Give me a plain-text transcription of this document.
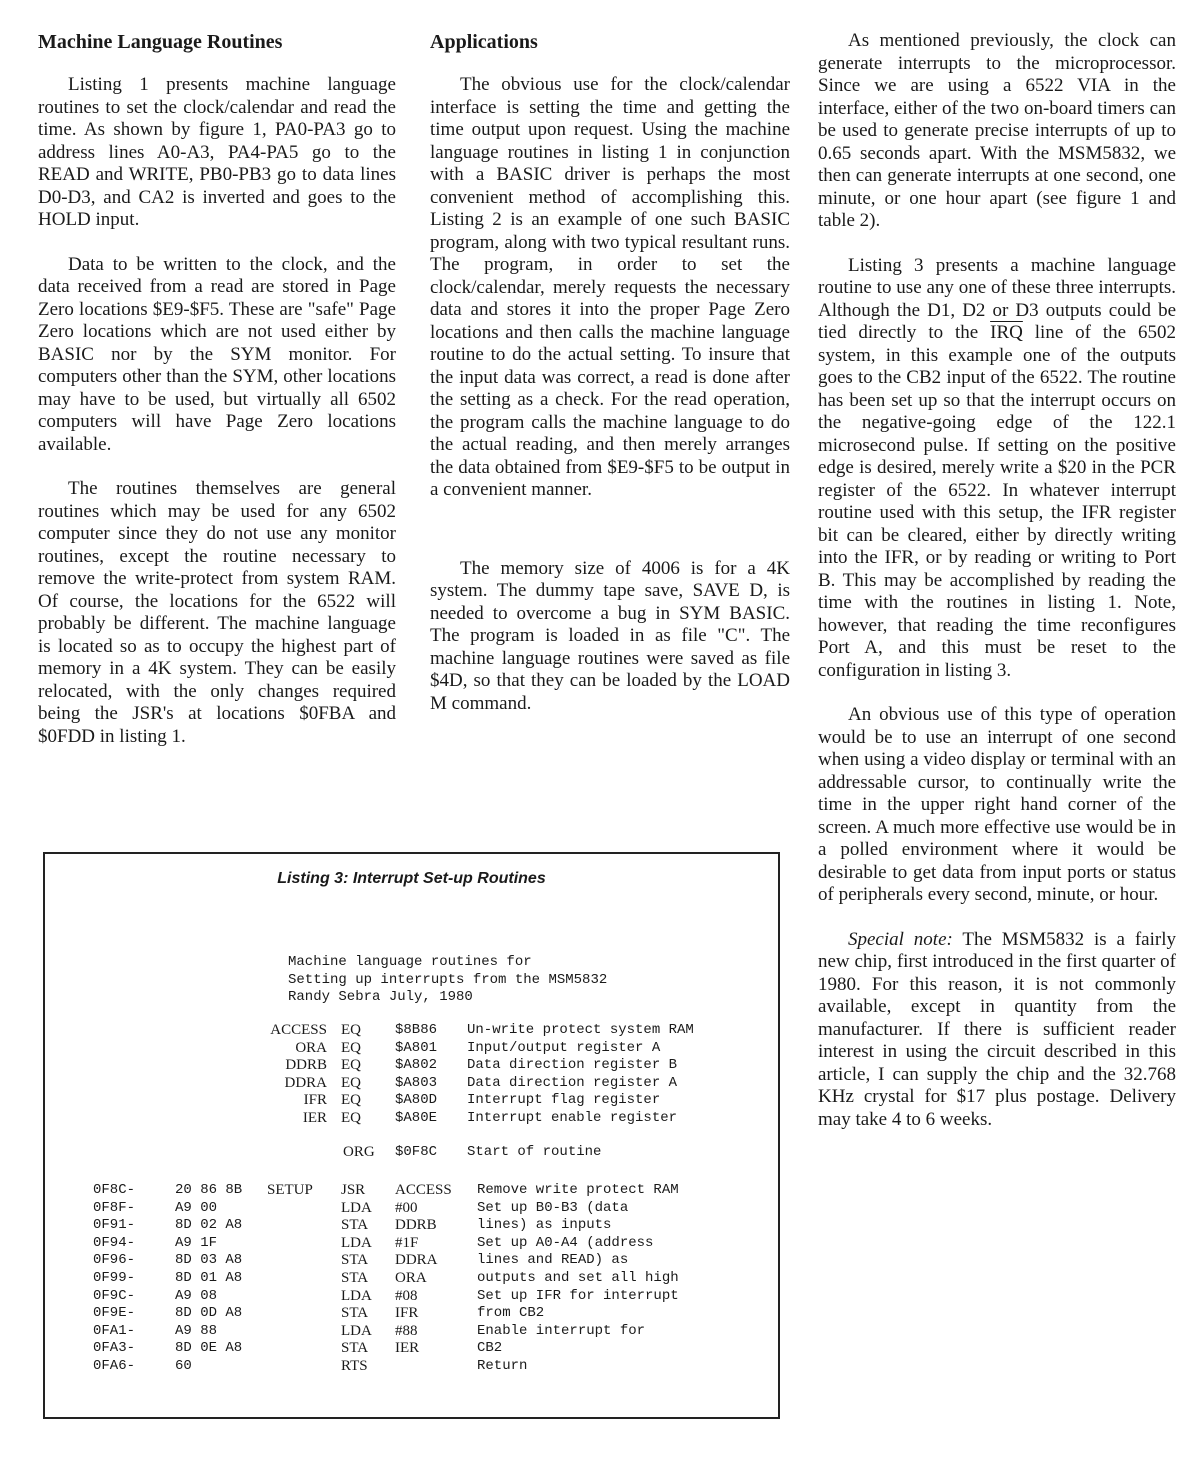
Machine Language Routines

Listing 1 presents machine language routines to set the clock/calendar and read the time. As shown by figure 1, PA0-PA3 go to address lines A0-A3, PA4-PA5 go to the READ and WRITE, PB0-PB3 go to data lines D0-D3, and CA2 is inverted and goes to the HOLD input.

Data to be written to the clock, and the data received from a read are stored in Page Zero locations $E9-$F5. These are "safe" Page Zero locations which are not used either by BASIC nor by the SYM monitor. For computers other than the SYM, other locations may have to be used, but virtually all 6502 computers will have Page Zero locations available.

The routines themselves are general routines which may be used for any 6502 computer since they do not use any monitor routines, except the routine necessary to remove the write-protect from system RAM. Of course, the locations for the 6522 will probably be different. The machine language is located so as to occupy the highest part of memory in a 4K system. They can be easily relocated, with the only changes required being the JSR's at locations $0FBA and $0FDD in listing 1.

Applications

The obvious use for the clock/calendar interface is setting the time and getting the time output upon request. Using the machine language routines in listing 1 in conjunction with a BASIC driver is perhaps the most convenient method of accomplishing this. Listing 2 is an example of one such BASIC program, along with two typical resultant runs. The program, in order to set the clock/calendar, merely requests the necessary data and stores it into the proper Page Zero locations and then calls the machine language routine to do the actual setting. To insure that the input data was correct, a read is done after the setting as a check. For the read operation, the program calls the machine language to do the actual reading, and then merely arranges the data obtained from $E9-$F5 to be output in a convenient manner.

The memory size of 4006 is for a 4K system. The dummy tape save, SAVE D, is needed to overcome a bug in SYM BASIC. The program is loaded in as file "C". The machine language routines were saved as file $4D, so that they can be loaded by the LOAD M command.

As mentioned previously, the clock can generate interrupts to the microprocessor. Since we are using a 6522 VIA in the interface, either of the two on-board timers can be used to generate precise interrupts of up to 0.65 seconds apart. With the MSM5832, we then can generate interrupts at one second, one minute, or one hour apart (see figure 1 and table 2).

Listing 3 presents a machine language routine to use any one of these three interrupts. Although the D1, D2 or D3 outputs could be tied directly to the $\overline{IRQ}$ line of the 6502 system, in this example one of the outputs goes to the CB2 input of the 6522. The routine has been set up so that the interrupt occurs on the negative-going edge of the 122.1 microsecond pulse. If setting on the positive edge is desired, merely write a $20 in the PCR register of the 6522. In whatever interrupt routine used with this setup, the IFR register bit can be cleared, either by directly writing into the IFR, or by reading or writing to Port B. This may be accomplished by reading the time with the routines in listing 1. Note, however, that reading the time reconfigures Port A, and this must be reset to the configuration in listing 3.

An obvious use of this type of operation would be to use an interrupt of one second when using a video display or terminal with an addressable cursor, to continually write the time in the upper right hand corner of the screen. A much more effective use would be in a polled environment where it would be desirable to get data from input ports or status of peripherals every second, minute, or hour.

Special note: The MSM5832 is a fairly new chip, first introduced in the first quarter of 1980. For this reason, it is not commonly available, except in quantity from the manufacturer. If there is sufficient reader interest in using the circuit described in this article, I can supply the chip and the 32.768 KHz crystal for $17 plus postage. Delivery may take 4 to 6 weeks.

Listing 3: Interrupt Set-up Routines
Machine language routines for
Setting up interrupts from the MSM5832
Randy Sebra July, 1980
ACCESS EQ $8B86 Un-write protect system RAM
ORA EQ $A801 Input/output register A
DDRB EQ $A802 Data direction register B
DDRA EQ $A803 Data direction register A
IFR EQ $A80D Interrupt flag register
IER EQ $A80E Interrupt enable register
ORG $0F8C Start of routine
0F8C-	20 86 8B SETUP JSR ACCESS Remove write protect RAM
0F8F-	A9 00	LDA #00	Set up B0-B3 (data
0F91-	8D 02 A8	STA DDRB	lines) as inputs
0F94-	A9 1F	LDA #1F	Set up A0-A4 (address
0F96-	8D 03 A8	STA DDRA	lines and READ) as
0F99-	8D 01 A8	STA ORA	outputs and set all high
0F9C-	A9 08	LDA #08	Set up IFR for interrupt
0F9E-	8D 0D A8	STA IFR	from CB2
0FA1-	A9 88	LDA #88	Enable interrupt for
0FA3-	8D 0E A8	STA IER	CB2
0FA6-	60	RTS	Return
